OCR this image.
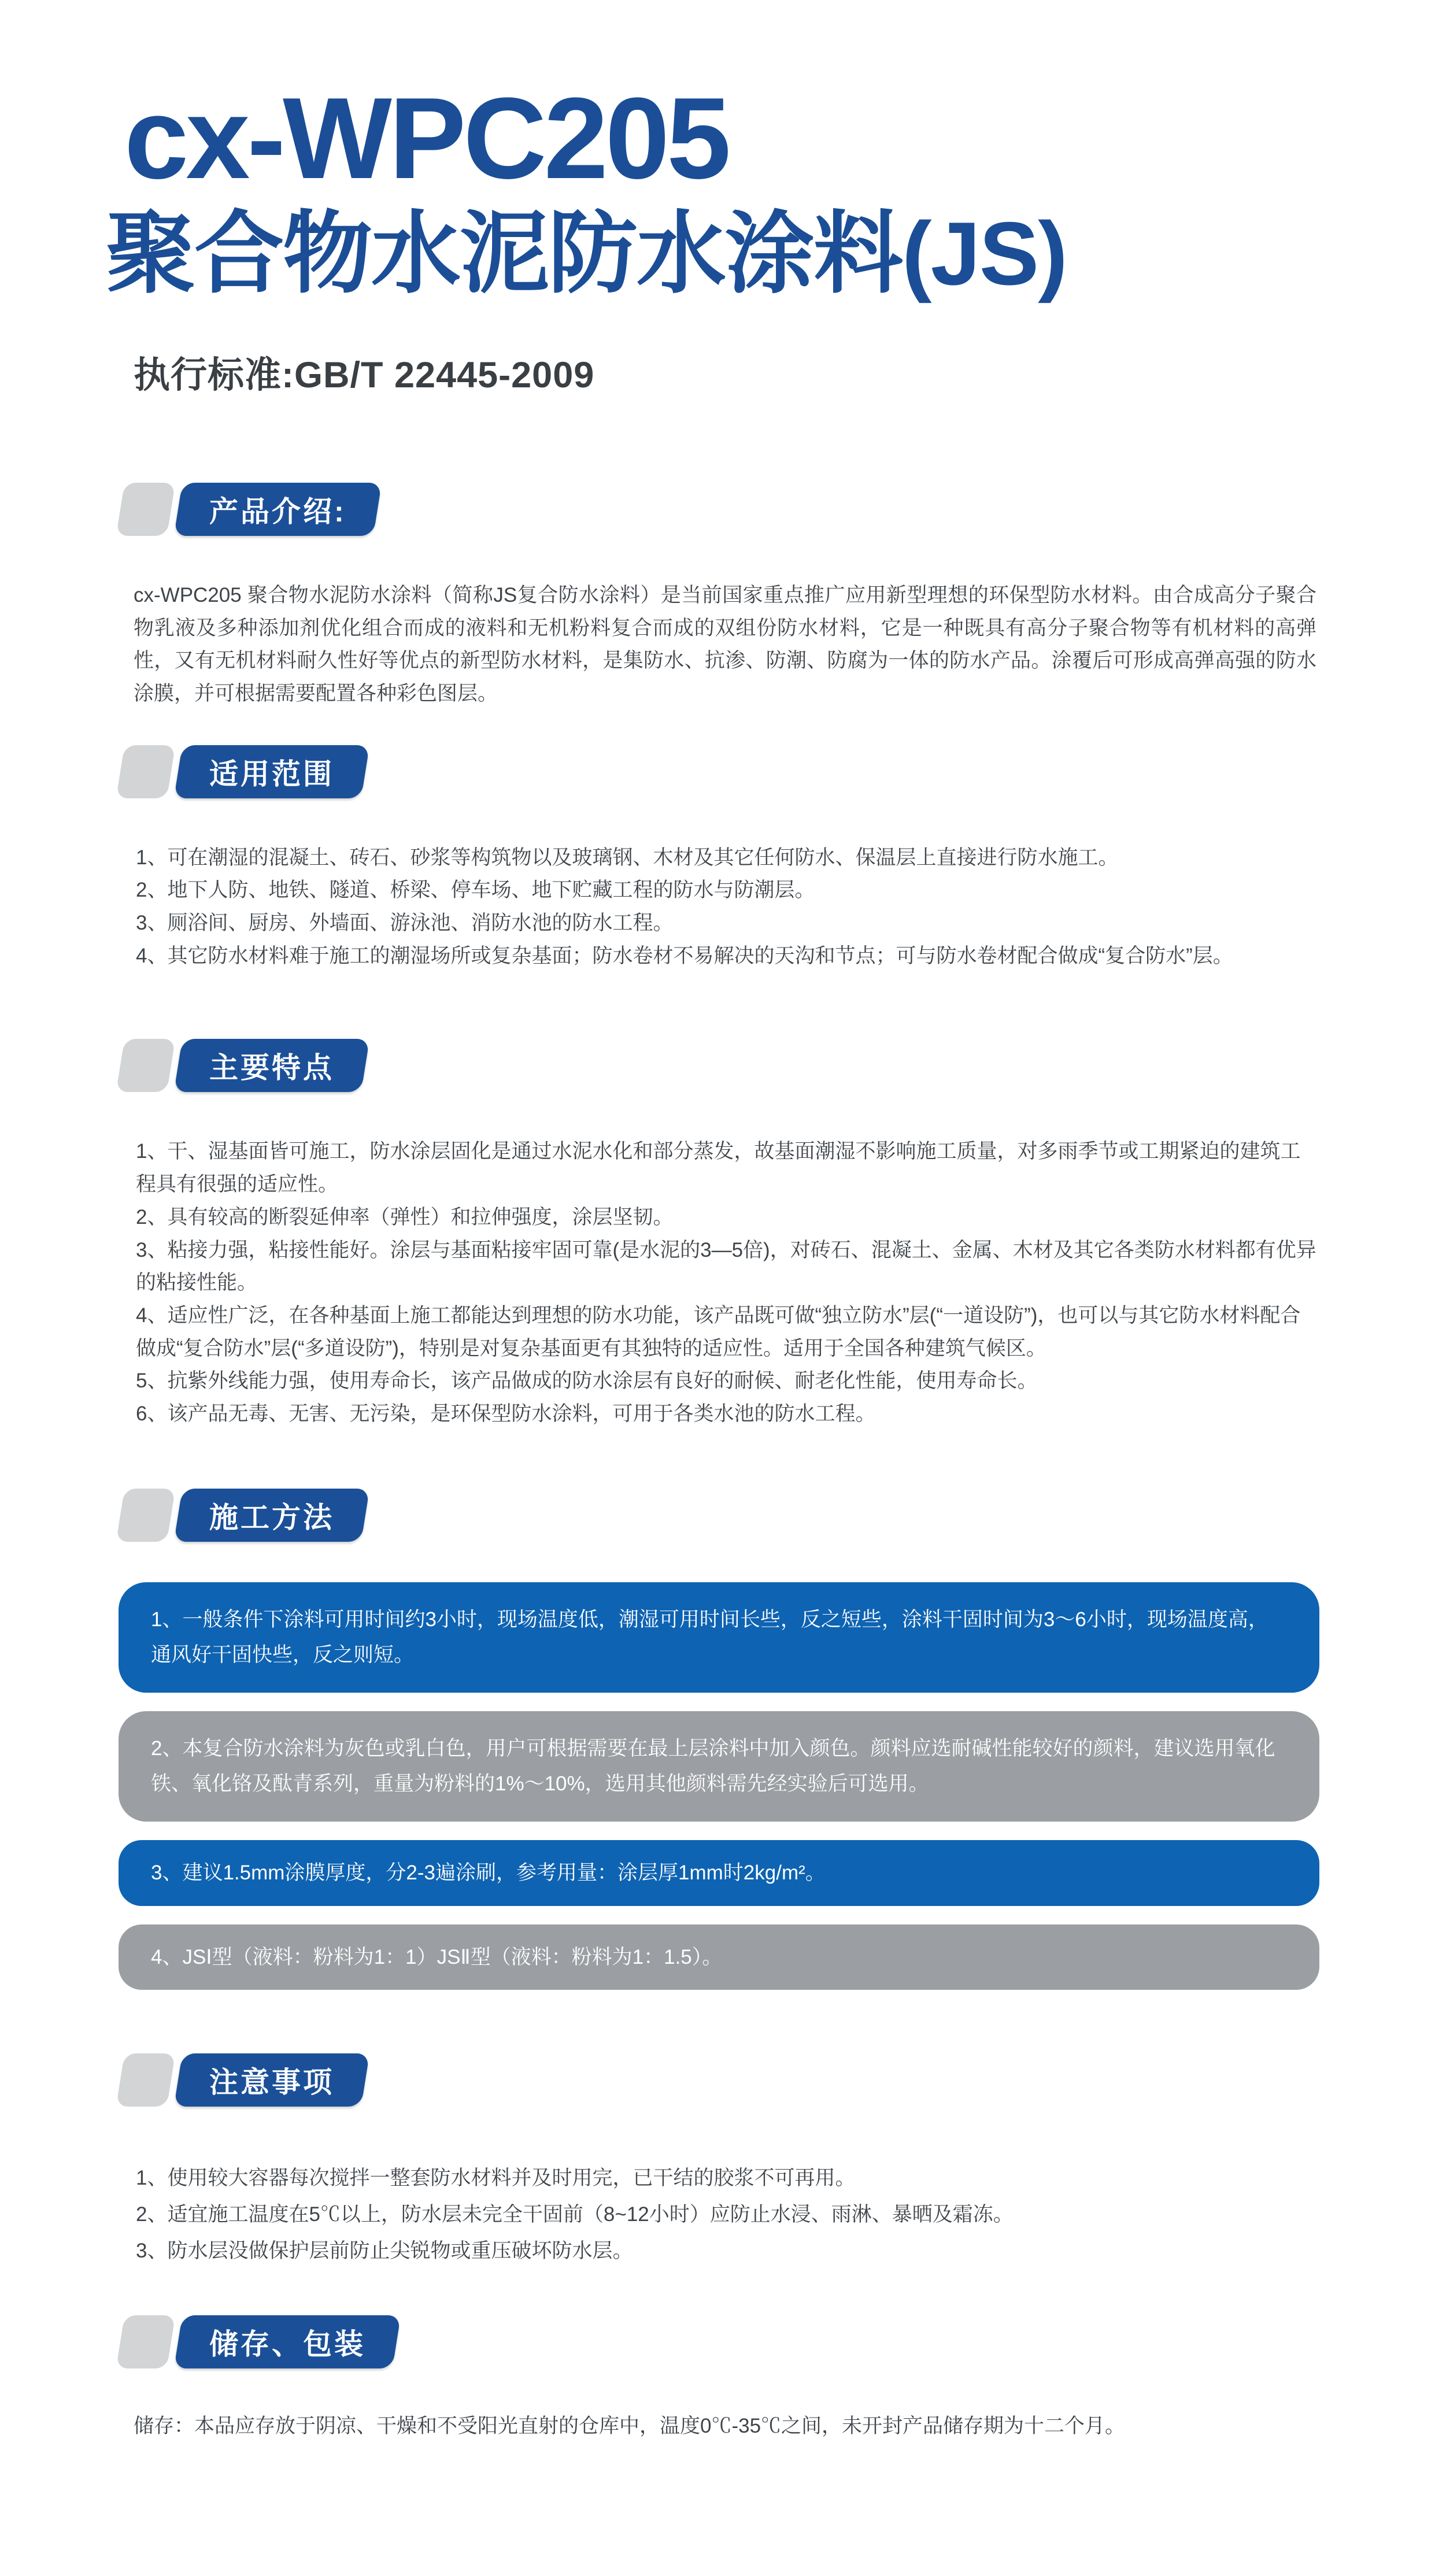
cx-WPC205
聚合物水泥防水涂料(JS)
执行标准:GB/T 22445-2009
产品介绍:

cx-WPC205 聚合物水泥防水涂料（简称JS复合防水涂料）是当前国家重点推广应用新型理想的环保型防水材料。由合成高分子聚合物乳液及多种添加剂优化组合而成的液料和无机粉料复合而成的双组份防水材料，它是一种既具有高分子聚合物等有机材料的高弹性，又有无机材料耐久性好等优点的新型防水材料，是集防水、抗渗、防潮、防腐为一体的防水产品。涂覆后可形成高弹高强的防水涂膜，并可根据需要配置各种彩色图层。

适用范围

1、可在潮湿的混凝土、砖石、砂浆等构筑物以及玻璃钢、木材及其它任何防水、保温层上直接进行防水施工。

2、地下人防、地铁、隧道、桥梁、停车场、地下贮藏工程的防水与防潮层。

3、厕浴间、厨房、外墙面、游泳池、消防水池的防水工程。

4、其它防水材料难于施工的潮湿场所或复杂基面；防水卷材不易解决的天沟和节点；可与防水卷材配合做成“复合防水”层。

主要特点

1、干、湿基面皆可施工，防水涂层固化是通过水泥水化和部分蒸发，故基面潮湿不影响施工质量，对多雨季节或工期紧迫的建筑工程具有很强的适应性。

2、具有较高的断裂延伸率（弹性）和拉伸强度，涂层坚韧。

3、粘接力强，粘接性能好。涂层与基面粘接牢固可靠(是水泥的3—5倍)，对砖石、混凝土、金属、木材及其它各类防水材料都有优异的粘接性能。

4、适应性广泛，在各种基面上施工都能达到理想的防水功能，该产品既可做“独立防水”层(“一道设防”)，也可以与其它防水材料配合做成“复合防水”层(“多道设防”)，特别是对复杂基面更有其独特的适应性。适用于全国各种建筑气候区。

5、抗紫外线能力强，使用寿命长，该产品做成的防水涂层有良好的耐候、耐老化性能，使用寿命长。

6、该产品无毒、无害、无污染，是环保型防水涂料，可用于各类水池的防水工程。

施工方法
1、一般条件下涂料可用时间约3小时，现场温度低，潮湿可用时间长些，反之短些，涂料干固时间为3～6小时，现场温度高，通风好干固快些，反之则短。
2、本复合防水涂料为灰色或乳白色，用户可根据需要在最上层涂料中加入颜色。颜料应选耐碱性能较好的颜料，建议选用氧化铁、氧化铬及酞青系列，重量为粉料的1%～10%，选用其他颜料需先经实验后可选用。
3、建议1.5mm涂膜厚度，分2-3遍涂刷，参考用量：涂层厚1mm时2kg/m²。
4、JSⅠ型（液料：粉料为1：1）JSⅡ型（液料：粉料为1：1.5）。
注意事项

1、使用较大容器每次搅拌一整套防水材料并及时用完，已干结的胶浆不可再用。

2、适宜施工温度在5℃以上，防水层未完全干固前（8~12小时）应防止水浸、雨淋、暴晒及霜冻。

3、防水层没做保护层前防止尖锐物或重压破坏防水层。

储存、包装

储存：本品应存放于阴凉、干燥和不受阳光直射的仓库中，温度0℃-35℃之间，未开封产品储存期为十二个月。
